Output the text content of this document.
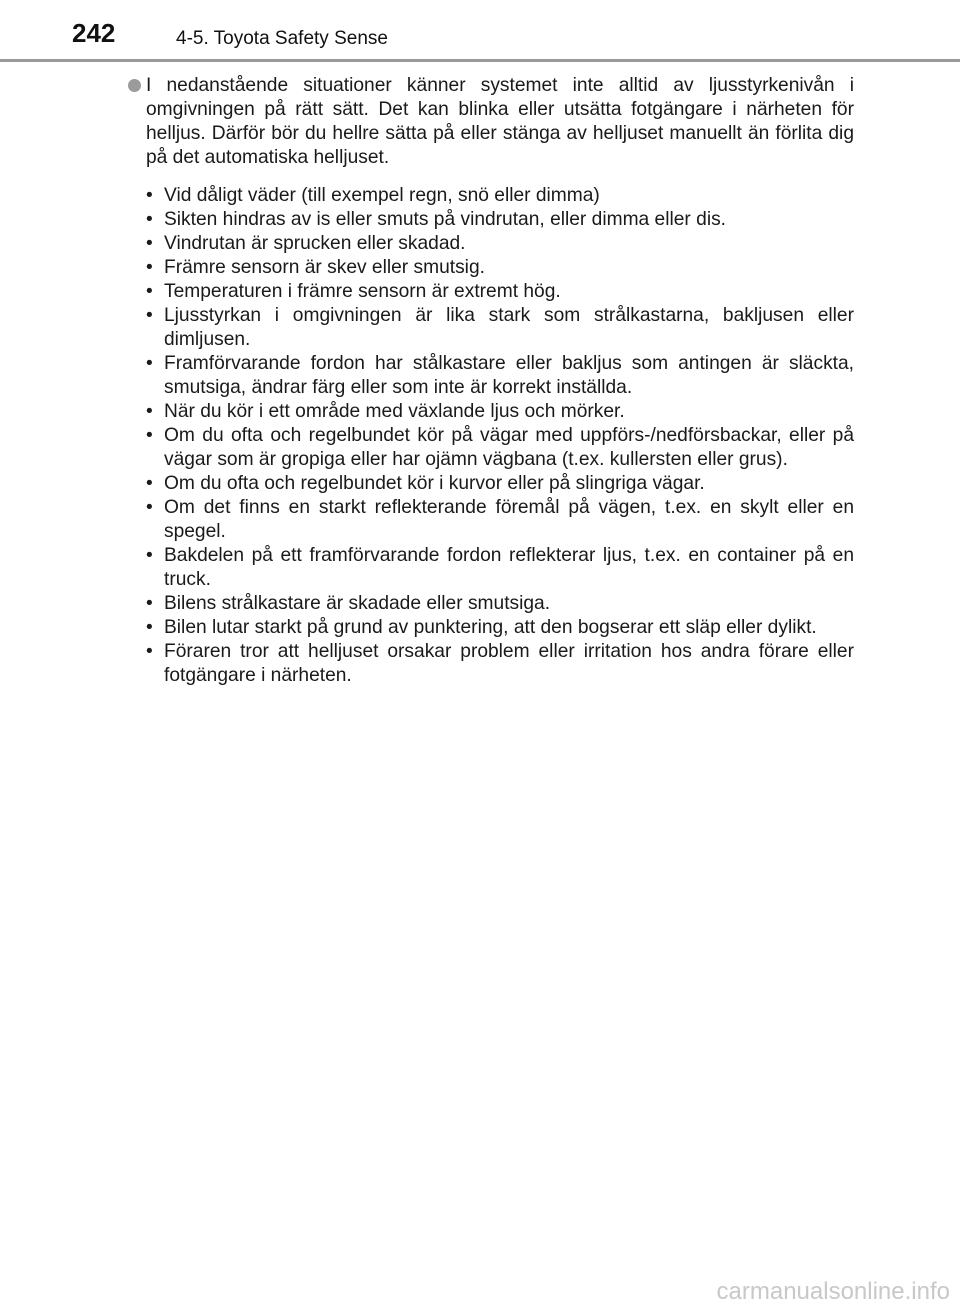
242	4-5. Toyota Safety Sense

I nedanstående situationer känner systemet inte alltid av ljusstyrkenivån i omgivningen på rätt sätt. Det kan blinka eller utsätta fotgängare i närheten för helljus. Därför bör du hellre sätta på eller stänga av helljuset manuellt än förlita dig på det automatiska helljuset.

• Vid dåligt väder (till exempel regn, snö eller dimma)
• Sikten hindras av is eller smuts på vindrutan, eller dimma eller dis.
• Vindrutan är sprucken eller skadad.
• Främre sensorn är skev eller smutsig.
• Temperaturen i främre sensorn är extremt hög.
• Ljusstyrkan i omgivningen är lika stark som strålkastarna, bakljusen eller dimljusen.
• Framförvarande fordon har stålkastare eller bakljus som antingen är släckta, smutsiga, ändrar färg eller som inte är korrekt inställda.
• När du kör i ett område med växlande ljus och mörker.
• Om du ofta och regelbundet kör på vägar med uppförs-/nedförsbackar, eller på vägar som är gropiga eller har ojämn vägbana (t.ex. kullersten eller grus).
• Om du ofta och regelbundet kör i kurvor eller på slingriga vägar.
• Om det finns en starkt reflekterande föremål på vägen, t.ex. en skylt eller en spegel.
• Bakdelen på ett framförvarande fordon reflekterar ljus, t.ex. en container på en truck.
• Bilens strålkastare är skadade eller smutsiga.
• Bilen lutar starkt på grund av punktering, att den bogserar ett släp eller dylikt.
• Föraren tror att helljuset orsakar problem eller irritation hos andra förare eller fotgängare i närheten.
carmanualsonline.info
